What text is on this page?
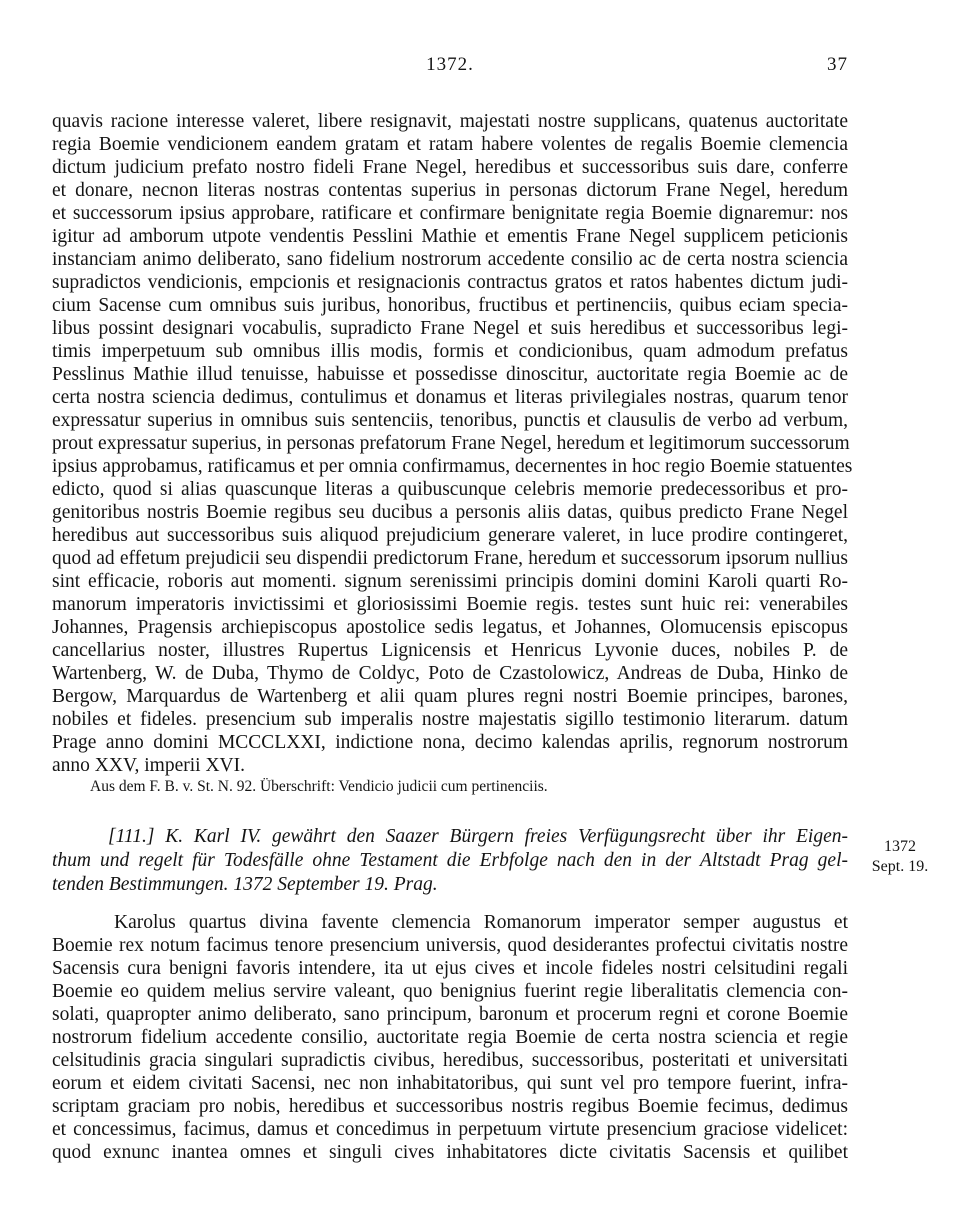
1372.	37
quavis racione interesse valeret, libere resignavit, majestati nostre supplicans, quatenus auctoritate
regia Boemie vendicionem eandem gratam et ratam habere volentes de regalis Boemie clemencia
dictum judicium prefato nostro fideli Frane Negel, heredibus et successoribus suis dare, conferre
et donare, necnon literas nostras contentas superius in personas dictorum Frane Negel, heredum
et successorum ipsius approbare, ratificare et confirmare benignitate regia Boemie dignaremur: nos
igitur ad amborum utpote vendentis Pesslini Mathie et ementis Frane Negel supplicem peticionis
instanciam animo deliberato, sano fidelium nostrorum accedente consilio ac de certa nostra sciencia
supradictos vendicionis, empcionis et resignacionis contractus gratos et ratos habentes dictum judi-
cium Sacense cum omnibus suis juribus, honoribus, fructibus et pertinenciis, quibus eciam specia-
libus possint designari vocabulis, supradicto Frane Negel et suis heredibus et successoribus legi-
timis imperpetuum sub omnibus illis modis, formis et condicionibus, quam admodum prefatus
Pesslinus Mathie illud tenuisse, habuisse et possedisse dinoscitur, auctoritate regia Boemie ac de
certa nostra sciencia dedimus, contulimus et donamus et literas privilegiales nostras, quarum tenor
expressatur superius in omnibus suis sentenciis, tenoribus, punctis et clausulis de verbo ad verbum,
prout expressatur superius, in personas prefatorum Frane Negel, heredum et legitimorum successorum
ipsius approbamus, ratificamus et per omnia confirmamus, decernentes in hoc regio Boemie statuentes
edicto, quod si alias quascunque literas a quibuscunque celebris memorie predecessoribus et pro-
genitoribus nostris Boemie regibus seu ducibus a personis aliis datas, quibus predicto Frane Negel
heredibus aut successoribus suis aliquod prejudicium generare valeret, in luce prodire contingeret,
quod ad effetum prejudicii seu dispendii predictorum Frane, heredum et successorum ipsorum nullius
sint efficacie, roboris aut momenti. signum serenissimi principis domini domini Karoli quarti Ro-
manorum imperatoris invictissimi et gloriosissimi Boemie regis. testes sunt huic rei: venerabiles
Johannes, Pragensis archiepiscopus apostolice sedis legatus, et Johannes, Olomucensis episcopus
cancellarius noster, illustres Rupertus Lignicensis et Henricus Lyvonie duces, nobiles P. de
Wartenberg, W. de Duba, Thymo de Coldyc, Poto de Czastolowicz, Andreas de Duba, Hinko de
Bergow, Marquardus de Wartenberg et alii quam plures regni nostri Boemie principes, barones,
nobiles et fideles. presencium sub imperalis nostre majestatis sigillo testimonio literarum. datum
Prage anno domini MCCCLXXI, indictione nona, decimo kalendas aprilis, regnorum nostrorum
anno XXV, imperii XVI.
Aus dem F. B. v. St. N. 92. Überschrift: Vendicio judicii cum pertinenciis.
[111.] K. Karl IV. gewährt den Saazer Bürgern freies Verfügungsrecht über ihr Eigen-
thum und regelt für Todesfälle ohne Testament die Erbfolge nach den in der Altstadt Prag gel-
tenden Bestimmungen. 1372 September 19. Prag.
1372
Sept. 19.
Karolus quartus divina favente clemencia Romanorum imperator semper augustus et
Boemie rex notum facimus tenore presencium universis, quod desiderantes profectui civitatis nostre
Sacensis cura benigni favoris intendere, ita ut ejus cives et incole fideles nostri celsitudini regali
Boemie eo quidem melius servire valeant, quo benignius fuerint regie liberalitatis clemencia con-
solati, quapropter animo deliberato, sano principum, baronum et procerum regni et corone Boemie
nostrorum fidelium accedente consilio, auctoritate regia Boemie de certa nostra sciencia et regie
celsitudinis gracia singulari supradictis civibus, heredibus, successoribus, posteritati et universitati
eorum et eidem civitati Sacensi, nec non inhabitatoribus, qui sunt vel pro tempore fuerint, infra-
scriptam graciam pro nobis, heredibus et successoribus nostris regibus Boemie fecimus, dedimus
et concessimus, facimus, damus et concedimus in perpetuum virtute presencium graciose videlicet:
quod exnunc inantea omnes et singuli cives inhabitatores dicte civitatis Sacensis et quilibet
